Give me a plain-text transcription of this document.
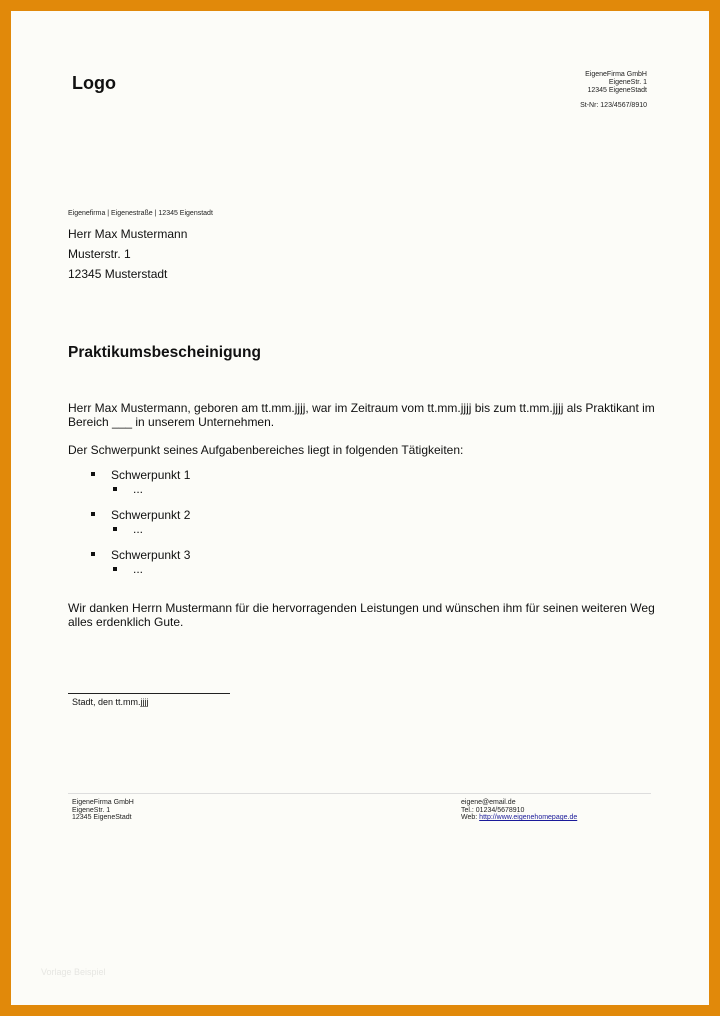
Logo	EigeneFirma GmbH
EigeneStr. 1
12345 EigeneStadt
St-Nr: 123/4567/8910
Eigenefirma | Eigenestraße | 12345 Eigenstadt
Herr Max Mustermann
Musterstr. 1
12345 Musterstadt
Praktikumsbescheinigung
Herr Max Mustermann, geboren am tt.mm.jjjj, war im Zeitraum vom tt.mm.jjjj bis zum tt.mm.jjjj als Praktikant im Bereich ___ in unserem Unternehmen.
Der Schwerpunkt seines Aufgabenbereiches liegt in folgenden Tätigkeiten:
Schwerpunkt 1
...
Schwerpunkt 2
...
Schwerpunkt 3
...
Wir danken Herrn Mustermann für die hervorragenden Leistungen und wünschen ihm für seinen weiteren Weg alles erdenklich Gute.
Stadt, den tt.mm.jjjj
EigeneFirma GmbH
EigeneStr. 1
12345 EigeneStadt
eigene@email.de
Tel.: 01234/5678910
Web: http://www.eigenehomepage.de
Vorlage Beispiel
